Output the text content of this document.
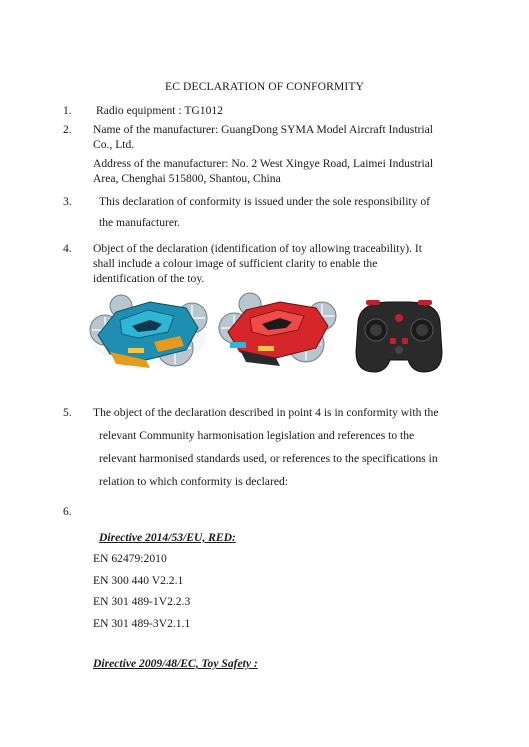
EC DECLARATION OF CONFORMITY
1. Radio equipment : TG1012
2. Name of the manufacturer: GuangDong SYMA Model Aircraft Industrial
Co., Ltd.
Address of the manufacturer: No. 2 West Xingye Road, Laimei Industrial
Area, Chenghai 515800, Shantou, China
3. This declaration of conformity is issued under the sole responsibility of
the manufacturer.
4. Object of the declaration (identification of toy allowing traceability). It
shall include a colour image of sufficient clarity to enable the
identification of the toy.
5. The object of the declaration described in point 4 is in conformity with the
relevant Community harmonisation legislation and references to the
relevant harmonised standards used, or references to the specifications in
relation to which conformity is declared:
6.
Directive 2014/53/EU, RED:
EN 62479:2010
EN 300 440 V2.2.1
EN 301 489-1V2.2.3
EN 301 489-3V2.1.1
Directive 2009/48/EC, Toy Safety :
